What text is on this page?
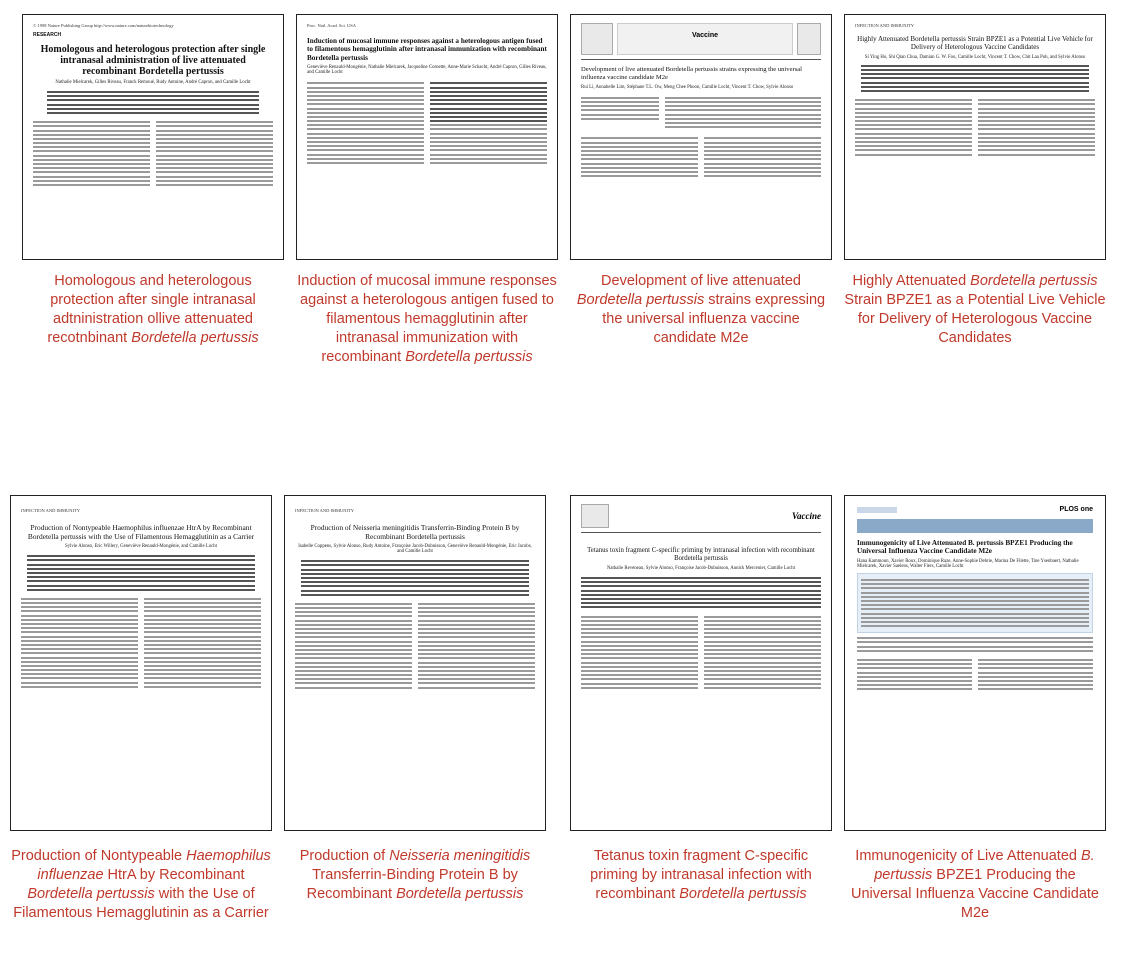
© 1998 Nature Publishing Group http://www.nature.com/naturebiotechnology
RESEARCH
Homologous and heterologous protection after single intranasal administration of live attenuated recombinant Bordetella pertussis
Nathalie Mielcarek, Gilles Riveau, Franck Remoué, Rudy Antoine, André Capron, and Camille Locht
Homologous and heterologous protection after single intranasal adtninistration ollive attenuated recotnbinant Bordetella pertussis
Proc. Natl. Acad. Sci. USA
Induction of mucosal immune responses against a heterologous antigen fused to filamentous hemagglutinin after intranasal immunization with recombinant Bordetella pertussis
Geneviève Renauld-Mongénie, Nathalie Mielcarek, Jacqueline Cornette, Anne-Marie Schacht, André Capron, Gilles Riveau, and Camille Locht
Induction of mucosal immune responses against a heterologous antigen fused to filamentous hemagglutinin after intranasal immunization with recombinant Bordetella pertussis
Vaccine
Development of live attenuated Bordetella pertussis strains expressing the universal influenza vaccine candidate M2e
Rui Li, Annabelle Lim, Stéphane T.L. Ow, Meng Chee Phoon, Camille Locht, Vincent T. Chow, Sylvie Alonso
Development of live attenuated Bordetella pertussis strains expressing the universal influenza vaccine candidate M2e
INFECTION AND IMMUNITY
Highly Attenuated Bordetella pertussis Strain BPZE1 as a Potential Live Vehicle for Delivery of Heterologous Vaccine Candidates
Si Ying Ho, Shi Qian Chua, Damian G. W. Foo, Camille Locht, Vincent T. Chow, Chit Laa Poh, and Sylvie Alonso
Highly Attenuated Bordetella pertussis Strain BPZE1 as a Potential Live Vehicle for Delivery of Heterologous Vaccine Candidates
INFECTION AND IMMUNITY
Production of Nontypeable Haemophilus influenzae HtrA by Recombinant Bordetella pertussis with the Use of Filamentous Hemagglutinin as a Carrier
Sylvie Alonso, Eric Willery, Geneviève Renauld-Mongénie, and Camille Locht
Production of Nontypeable Haemophilus influenzae HtrA by Recombinant Bordetella pertussis with the Use of Filamentous Hemagglutinin as a Carrier
INFECTION AND IMMUNITY
Production of Neisseria meningitidis Transferrin-Binding Protein B by Recombinant Bordetella pertussis
Isabelle Coppens, Sylvie Alonso, Rudy Antoine, Françoise Jacob-Dubuisson, Geneviève Renauld-Mongénie, Eric Jacobs, and Camille Locht
Production of Neisseria meningitidis Transferrin-Binding Protein B by Recombinant Bordetella pertussis
Vaccine
Tetanus toxin fragment C-specific priming by intranasal infection with recombinant Bordetella pertussis
Nathalie Reveneau, Sylvie Alonso, Françoise Jacob-Dubuisson, Annick Mercenier, Camille Locht
Tetanus toxin fragment C-specific priming by intranasal infection with recombinant Bordetella pertussis
PLOS one
Immunogenicity of Live Attenuated B. pertussis BPZE1 Producing the Universal Influenza Vaccine Candidate M2e
Hana Kammoun, Xavier Roux, Dominique Raze, Anne-Sophie Debrie, Marina De Filette, Tine Ysenbaert, Nathalie Mielcarek, Xavier Saelens, Walter Fiers, Camille Locht
Immunogenicity of Live Attenuated B. pertussis BPZE1 Producing the Universal Influenza Vaccine Candidate M2e
